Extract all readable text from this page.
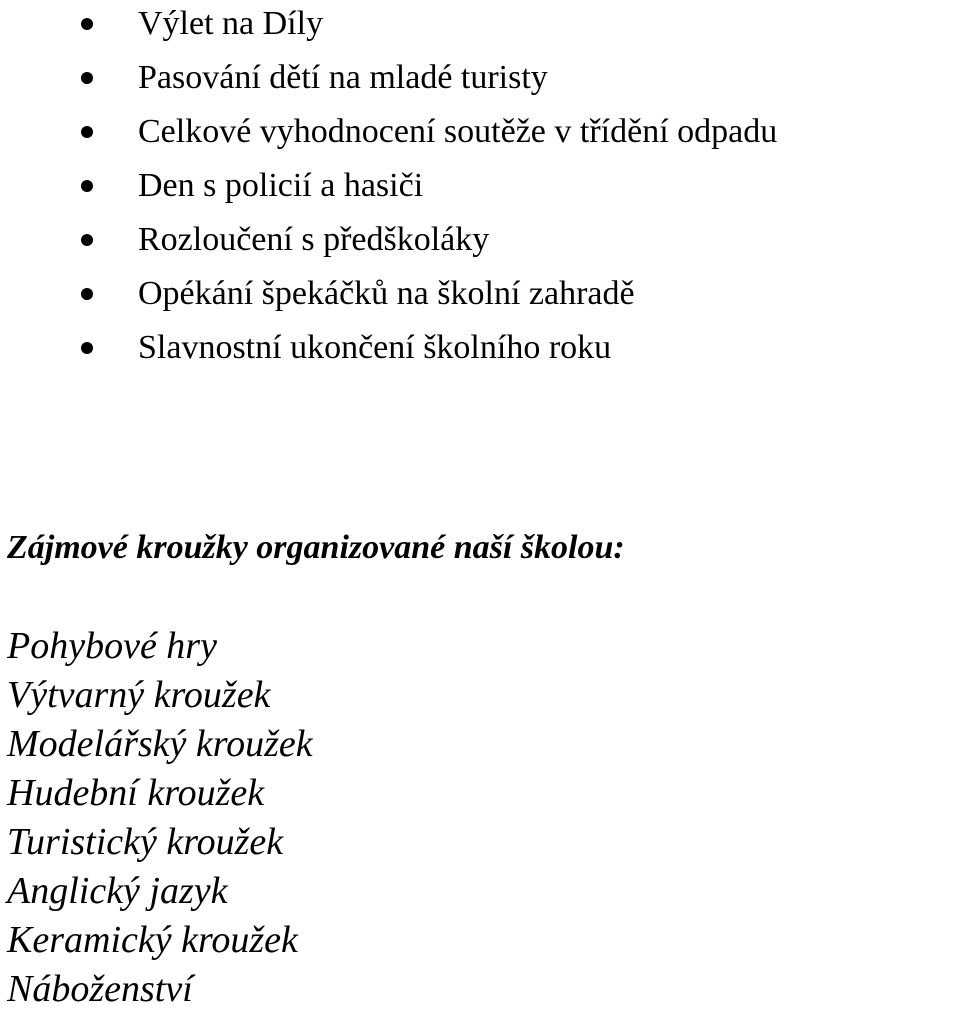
Výlet na Díly
Pasování dětí na mladé turisty
Celkové vyhodnocení soutěže v třídění odpadu
Den s policií a hasiči
Rozloučení s předškoláky
Opékání špekáčků na školní zahradě
Slavnostní ukončení školního roku
Zájmové kroužky organizované naší školou:
Pohybové hry
Výtvarný kroužek
Modelářský kroužek
Hudební kroužek
Turistický kroužek
Anglický jazyk
Keramický kroužek
Náboženství
